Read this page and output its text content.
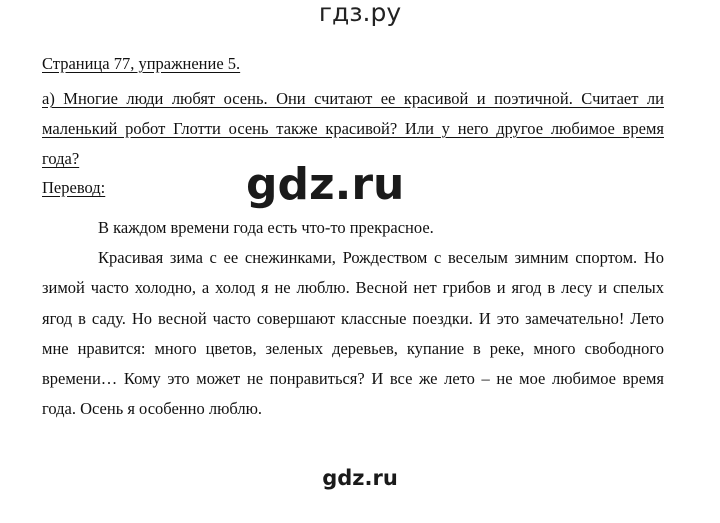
гдз.ру
Страница 77, упражнение 5.
а) Многие люди любят осень. Они считают ее красивой и поэтичной. Считает ли маленький робот Глотти осень также красивой? Или у него другое любимое время года?
Перевод:
В каждом времени года есть что-то прекрасное.
Красивая зима с ее снежинками, Рождеством с веселым зимним спортом. Но зимой часто холодно, а холод я не люблю. Весной нет грибов и ягод в лесу и спелых ягод в саду. Но весной часто совершают классные поездки. И это замечательно! Лето мне нравится: много цветов, зеленых деревьев, купание в реке, много свободного времени… Кому это может не понравиться? И все же лето – не мое любимое время года. Осень я особенно люблю.
gdz.ru
gdz.ru
